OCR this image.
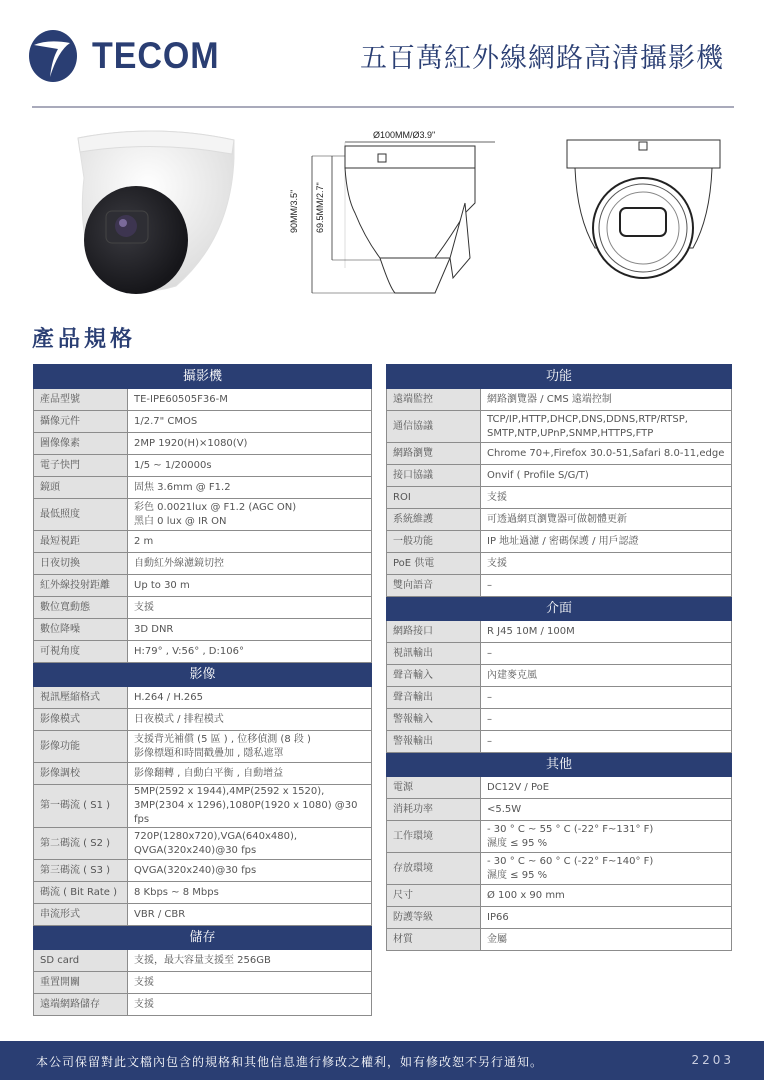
TECOM	五百萬紅外線網路高清攝影機
Ø100MM/Ø3.9"
90MM/3.5" 69.5MM/2.7"
產品規格
攝影機	
產品型號	TE-IPE60505F36-M

攝像元件	1/2.7" CMOS

圖像像素	2MP 1920(H)×1080(V)

電子快門	1/5 ~ 1/20000s

鏡頭	固焦 3.6mm @ F1.2

最低照度	彩色 0.0021lux @ F1.2 (AGC ON)
黑白 0 lux @ IR ON

最短視距	2 m

日夜切換	自動紅外線濾鏡切控

紅外線投射距離	Up to 30 m

數位寬動態	支援

數位降噪	3D DNR

可視角度	H:79° , V:56° , D:106°

影像	
視訊壓縮格式	H.264 / H.265

影像模式	日夜模式 / 排程模式

影像功能	支援背光補償 (5 區 ) , 位移偵測 (8 段 )
影像標題和時間戳疊加 , 隱私遮罩

影像調校	影像翻轉 , 自動白平衡 , 自動增益

第一碼流 ( S1 )	5MP(2592 x 1944),4MP(2592 x 1520),
3MP(2304 x 1296),1080P(1920 x 1080) @30 fps

第二碼流 ( S2 )	720P(1280x720),VGA(640x480),
QVGA(320x240)@30 fps

第三碼流 ( S3 )	QVGA(320x240)@30 fps

碼流 ( Bit Rate )	8 Kbps ~ 8 Mbps

串流形式	VBR / CBR

儲存	
SD card	支援，最大容量支援至 256GB

重置開關	支援

遠端網路儲存	支援
功能	
遠端監控	網路瀏覽器 / CMS 遠端控制

通信協議	TCP/IP,HTTP,DHCP,DNS,DDNS,RTP/RTSP,
SMTP,NTP,UPnP,SNMP,HTTPS,FTP

網路瀏覽	Chrome 70+,Firefox 30.0-51,Safari 8.0-11,edge

接口協議	Onvif ( Profile S/G/T)

ROI	支援

系統維護	可透過網頁瀏覽器可做韌體更新

一般功能	IP 地址過濾 / 密碼保護 / 用戶認證

PoE 供電	支援

雙向語音	–

介面	
網路接口	R J45 10M / 100M

視訊輸出	–

聲音輸入	內建麥克風

聲音輸出	–

警報輸入	–

警報輸出	–

其他	
電源	DC12V / PoE

消耗功率	<5.5W

工作環境	- 30 ° C ~ 55 ° C (-22° F~131° F)
濕度 ≤ 95 %

存放環境	- 30 ° C ~ 60 ° C (-22° F~140° F)
濕度 ≤ 95 %

尺寸	Ø 100 x 90 mm

防護等級	IP66

材質	金屬
本公司保留對此文檔內包含的規格和其他信息進行修改之權利，如有修改恕不另行通知。	2203
